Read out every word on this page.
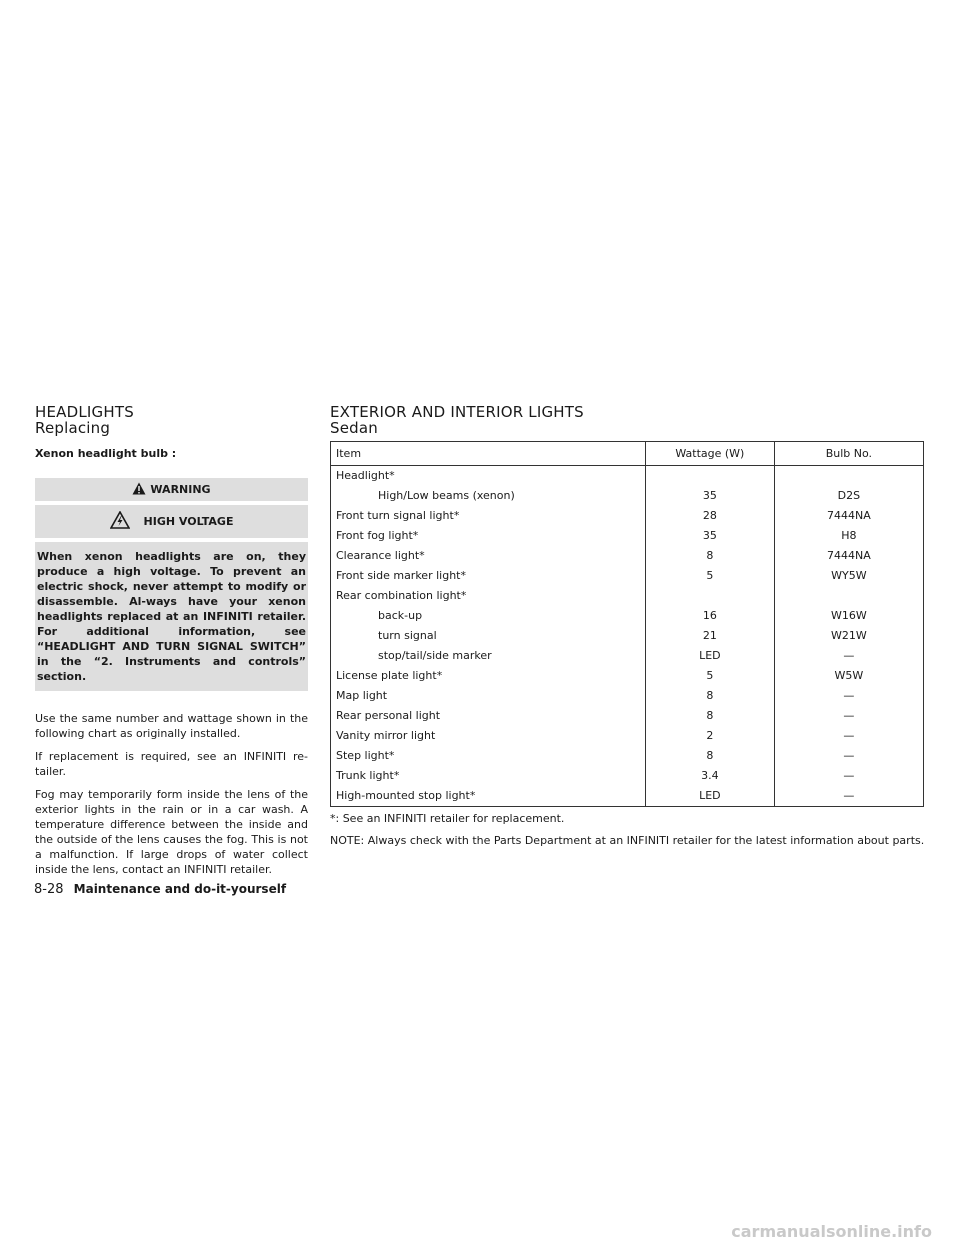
HEADLIGHTS
Replacing

Xenon headlight bulb :

WARNING
HIGH VOLTAGE
When xenon headlights are on, they produce a high voltage. To prevent an electric shock, never attempt to modify or disassemble. Al-ways have your xenon headlights replaced at an INFINITI retailer. For additional information, see “HEADLIGHT AND TURN SIGNAL SWITCH” in the “2. Instruments and controls” section.

Use the same number and wattage shown in the following chart as originally installed.

If replacement is required, see an INFINITI re-tailer.

Fog may temporarily form inside the lens of the exterior lights in the rain or in a car wash. A temperature difference between the inside and the outside of the lens causes the fog. This is not a malfunction. If large drops of water collect inside the lens, contact an INFINITI retailer.

EXTERIOR AND INTERIOR LIGHTS
Sedan
Item	Wattage (W)	Bulb No.
Headlight*		
High/Low beams (xenon)	35	D2S
Front turn signal light*	28	7444NA
Front fog light*	35	H8
Clearance light*	8	7444NA
Front side marker light*	5	WY5W
Rear combination light*		
back-up	16	W16W
turn signal	21	W21W
stop/tail/side marker	LED	—
License plate light*	5	W5W
Map light	8	—
Rear personal light	8	—
Vanity mirror light	2	—
Step light*	8	—
Trunk light*	3.4	—
High-mounted stop light*	LED	—

*: See an INFINITI retailer for replacement.

NOTE: Always check with the Parts Department at an INFINITI retailer for the latest information about parts.

8-28 Maintenance and do-it-yourself
carmanualsonline.info
